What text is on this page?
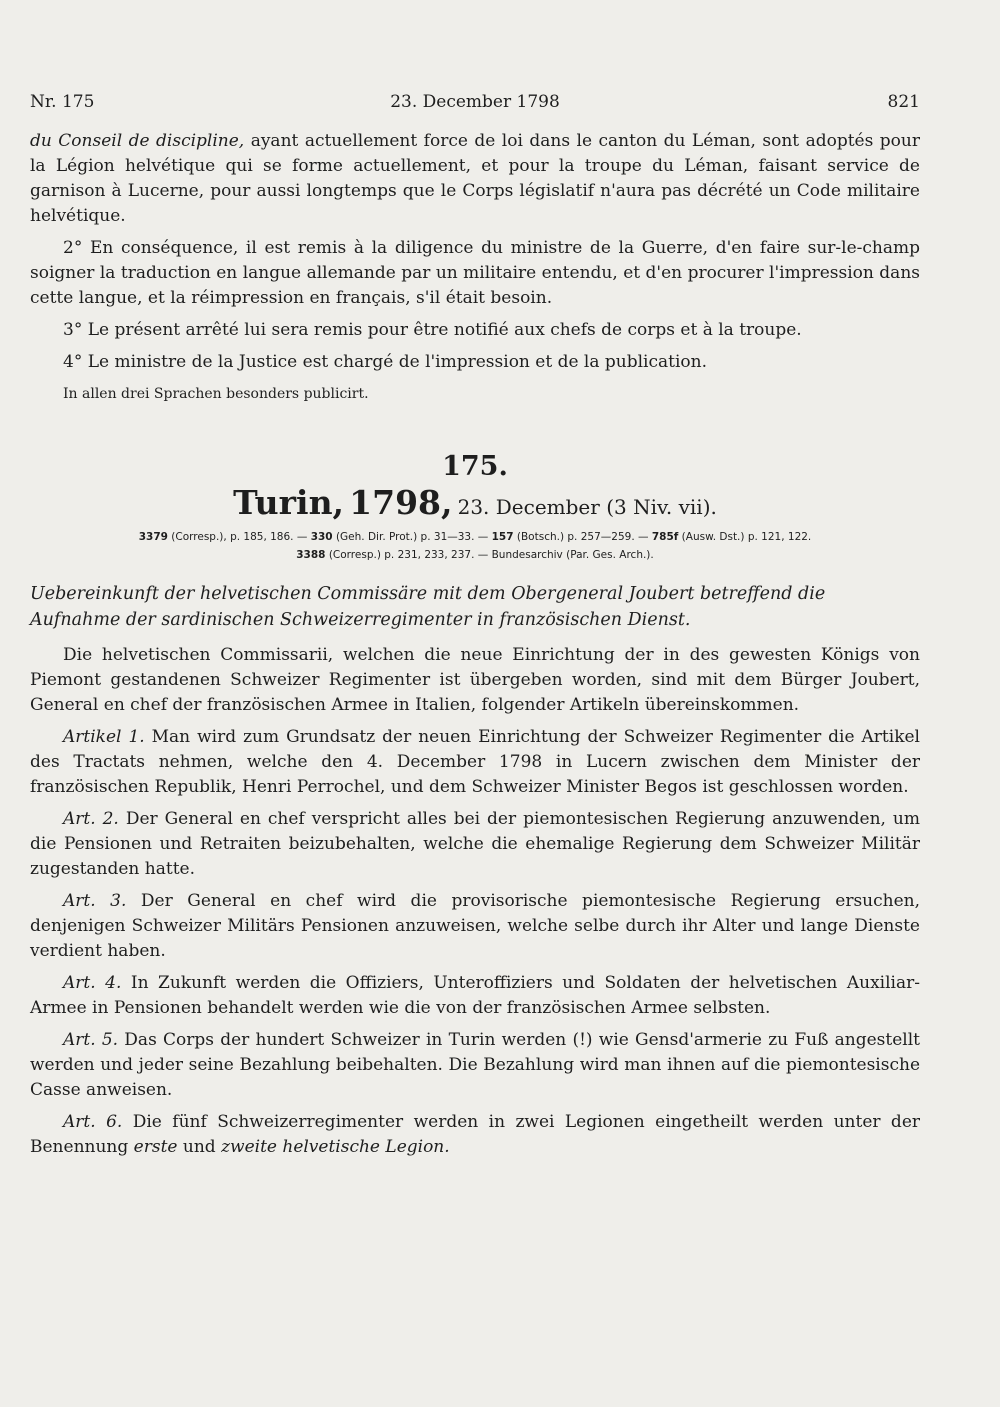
Nr. 175	23. December 1798	821

du Conseil de discipline, ayant actuellement force de loi dans le canton du Léman, sont adoptés pour la Légion helvétique qui se forme actuellement, et pour la troupe du Léman, faisant service de garnison à Lucerne, pour aussi longtemps que le Corps législatif n'aura pas décrété un Code militaire helvétique.

2° En conséquence, il est remis à la diligence du ministre de la Guerre, d'en faire sur-le-champ soigner la traduction en langue allemande par un militaire entendu, et d'en procurer l'impression dans cette langue, et la réimpression en français, s'il était besoin.

3° Le présent arrêté lui sera remis pour être notifié aux chefs de corps et à la troupe.

4° Le ministre de la Justice est chargé de l'impression et de la publication.

In allen drei Sprachen besonders publicirt.

175.
Turin, 1798, 23. December (3 Niv. vii).
3379 (Corresp.), p. 185, 186. — 330 (Geh. Dir. Prot.) p. 31—33. — 157 (Botsch.) p. 257—259. — 785f (Ausw. Dst.) p. 121, 122.
3388 (Corresp.) p. 231, 233, 237. — Bundesarchiv (Par. Ges. Arch.).

Uebereinkunft der helvetischen Commissäre mit dem Obergeneral Joubert betreffend die Aufnahme der sardinischen Schweizerregimenter in französischen Dienst.

Die helvetischen Commissarii, welchen die neue Einrichtung der in des gewesten Königs von Piemont gestandenen Schweizer Regimenter ist übergeben worden, sind mit dem Bürger Joubert, General en chef der französischen Armee in Italien, folgender Artikeln übereinskommen.

Artikel 1. Man wird zum Grundsatz der neuen Einrichtung der Schweizer Regimenter die Artikel des Tractats nehmen, welche den 4. December 1798 in Lucern zwischen dem Minister der französischen Republik, Henri Perrochel, und dem Schweizer Minister Begos ist geschlossen worden.

Art. 2. Der General en chef verspricht alles bei der piemontesischen Regierung anzuwenden, um die Pensionen und Retraiten beizubehalten, welche die ehemalige Regierung dem Schweizer Militär zugestanden hatte.

Art. 3. Der General en chef wird die provisorische piemontesische Regierung ersuchen, denjenigen Schweizer Militärs Pensionen anzuweisen, welche selbe durch ihr Alter und lange Dienste verdient haben.

Art. 4. In Zukunft werden die Offiziers, Unteroffiziers und Soldaten der helvetischen Auxiliar-Armee in Pensionen behandelt werden wie die von der französischen Armee selbsten.

Art. 5. Das Corps der hundert Schweizer in Turin werden (!) wie Gensd'armerie zu Fuß angestellt werden und jeder seine Bezahlung beibehalten. Die Bezahlung wird man ihnen auf die piemontesische Casse anweisen.

Art. 6. Die fünf Schweizerregimenter werden in zwei Legionen eingetheilt werden unter der Benennung erste und zweite helvetische Legion.
